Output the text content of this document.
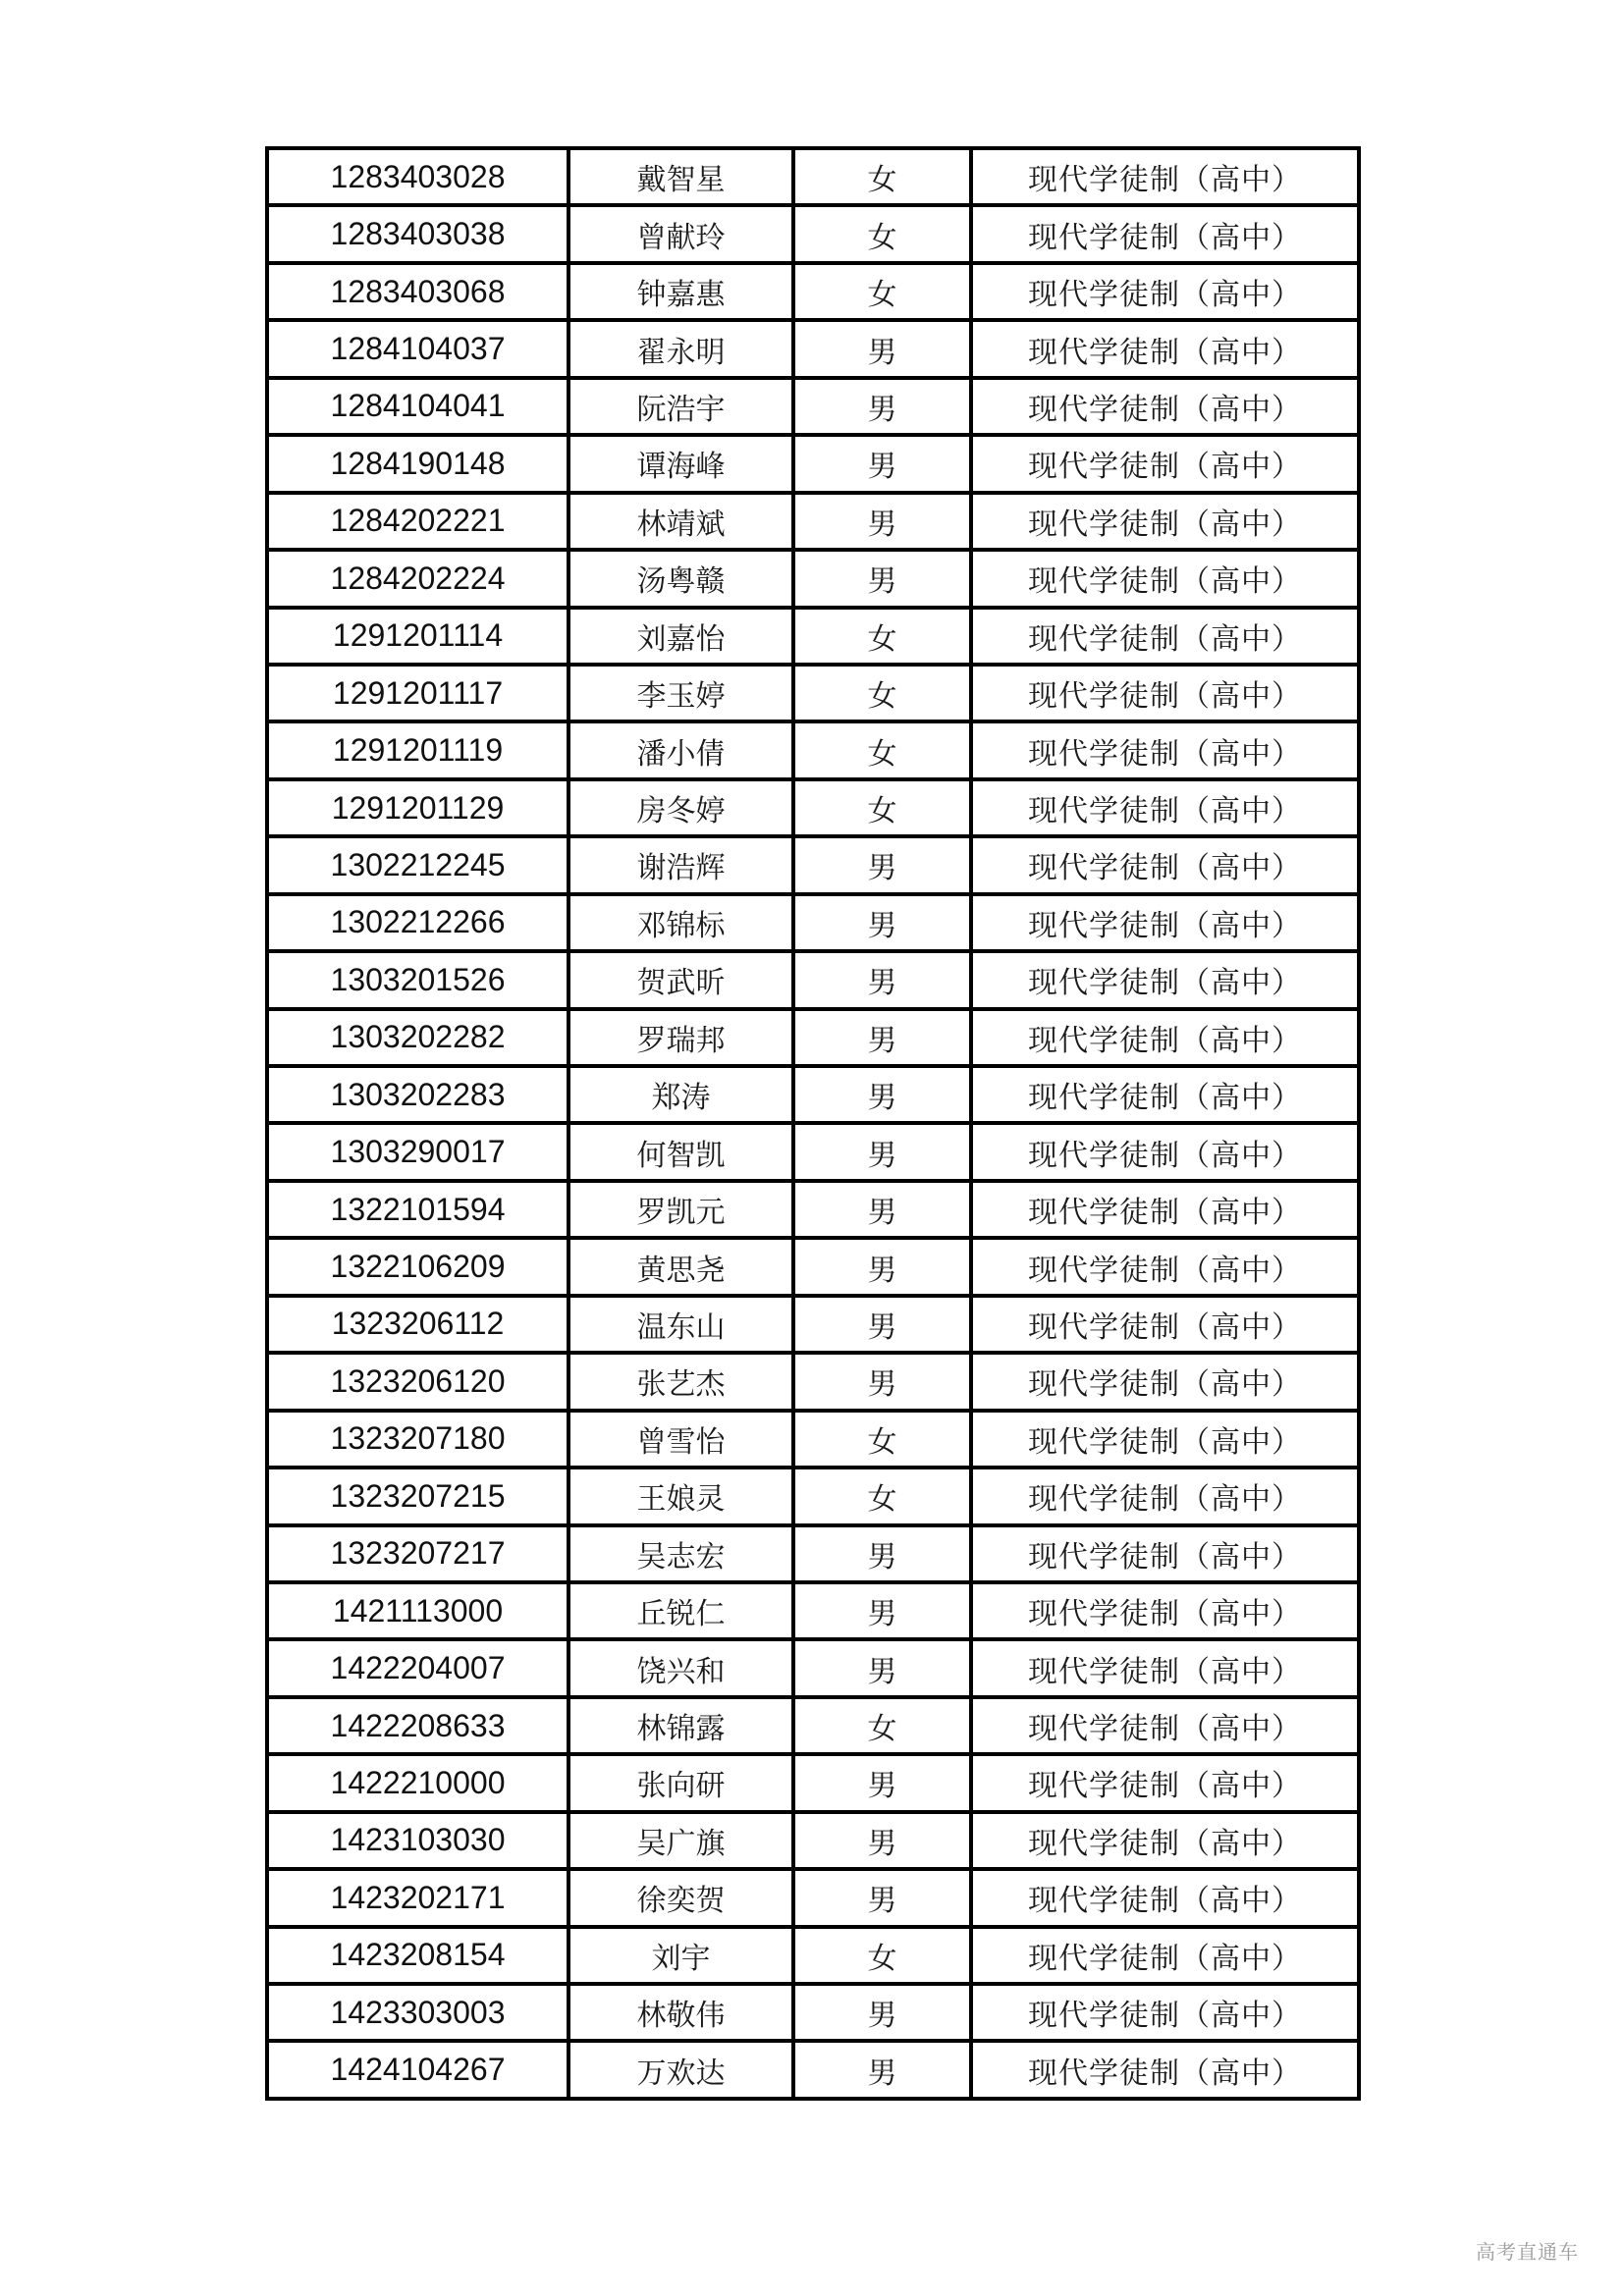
1283403028	戴智星	女	现代学徒制（高中）
1283403038	曾献玲	女	现代学徒制（高中）
1283403068	钟嘉惠	女	现代学徒制（高中）
1284104037	翟永明	男	现代学徒制（高中）
1284104041	阮浩宇	男	现代学徒制（高中）
1284190148	谭海峰	男	现代学徒制（高中）
1284202221	林靖斌	男	现代学徒制（高中）
1284202224	汤粤赣	男	现代学徒制（高中）
1291201114	刘嘉怡	女	现代学徒制（高中）
1291201117	李玉婷	女	现代学徒制（高中）
1291201119	潘小倩	女	现代学徒制（高中）
1291201129	房冬婷	女	现代学徒制（高中）
1302212245	谢浩辉	男	现代学徒制（高中）
1302212266	邓锦标	男	现代学徒制（高中）
1303201526	贺武昕	男	现代学徒制（高中）
1303202282	罗瑞邦	男	现代学徒制（高中）
1303202283	郑涛	男	现代学徒制（高中）
1303290017	何智凯	男	现代学徒制（高中）
1322101594	罗凯元	男	现代学徒制（高中）
1322106209	黄思尧	男	现代学徒制（高中）
1323206112	温东山	男	现代学徒制（高中）
1323206120	张艺杰	男	现代学徒制（高中）
1323207180	曾雪怡	女	现代学徒制（高中）
1323207215	王娘灵	女	现代学徒制（高中）
1323207217	吴志宏	男	现代学徒制（高中）
1421113000	丘锐仁	男	现代学徒制（高中）
1422204007	饶兴和	男	现代学徒制（高中）
1422208633	林锦露	女	现代学徒制（高中）
1422210000	张向研	男	现代学徒制（高中）
1423103030	吴广旗	男	现代学徒制（高中）
1423202171	徐奕贺	男	现代学徒制（高中）
1423208154	刘宇	女	现代学徒制（高中）
1423303003	林敬伟	男	现代学徒制（高中）
1424104267	万欢达	男	现代学徒制（高中）
高考直通车
